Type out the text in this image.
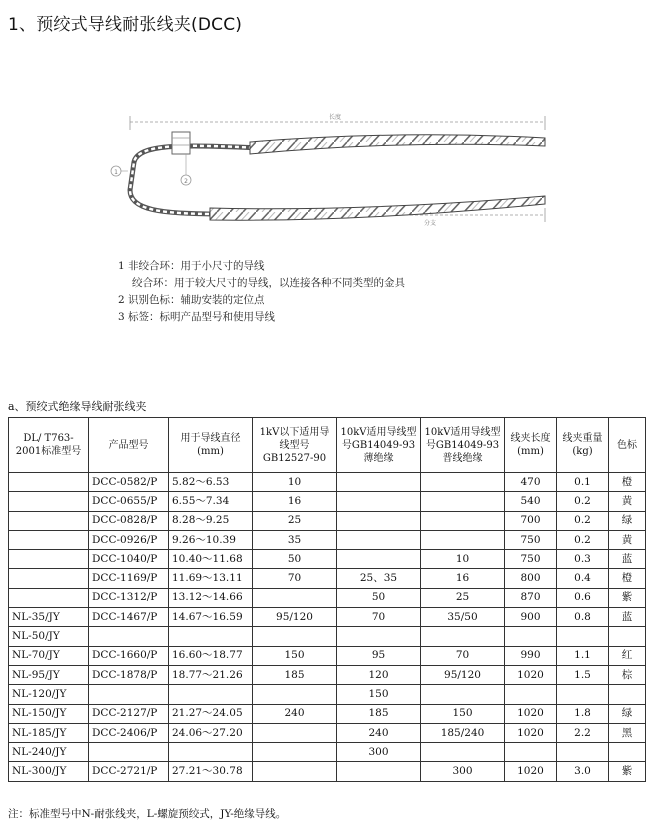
1、预绞式导线耐张线夹(DCC)
长度
分支
1
2
1 非绞合环：用于小尺寸的导线
绞合环：用于较大尺寸的导线，以连接各种不同类型的金具
2 识别色标：辅助安装的定位点
3 标签：标明产品型号和使用导线
a、预绞式绝缘导线耐张线夹
DL/ T763-2001标准型号	产品型号	用于导线直径 (mm)	1kV以下适用导线型号 GB12527-90	10kV适用导线型号GB14049-93 薄绝缘	10kV适用导线型号GB14049-93 普线绝缘	线夹长度 (mm)	线夹重量 (kg)	色标
	DCC-0582/P	5.82～6.53	10			470	0.1	橙
	DCC-0655/P	6.55～7.34	16			540	0.2	黄
	DCC-0828/P	8.28～9.25	25			700	0.2	绿
	DCC-0926/P	9.26～10.39	35			750	0.2	黄
	DCC-1040/P	10.40～11.68	50		10	750	0.3	蓝
	DCC-1169/P	11.69～13.11	70	25、35	16	800	0.4	橙
	DCC-1312/P	13.12～14.66		50	25	870	0.6	紫
NL-35/JY	DCC-1467/P	14.67～16.59	95/120	70	35/50	900	0.8	蓝
NL-50/JY								
NL-70/JY	DCC-1660/P	16.60～18.77	150	95	70	990	1.1	红
NL-95/JY	DCC-1878/P	18.77～21.26	185	120	95/120	1020	1.5	棕
NL-120/JY				150				
NL-150/JY	DCC-2127/P	21.27～24.05	240	185	150	1020	1.8	绿
NL-185/JY	DCC-2406/P	24.06～27.20		240	185/240	1020	2.2	黑
NL-240/JY				300				
NL-300/JY	DCC-2721/P	27.21～30.78			300	1020	3.0	紫
注：标准型号中N-耐张线夹，L-螺旋预绞式，JY-绝缘导线。
